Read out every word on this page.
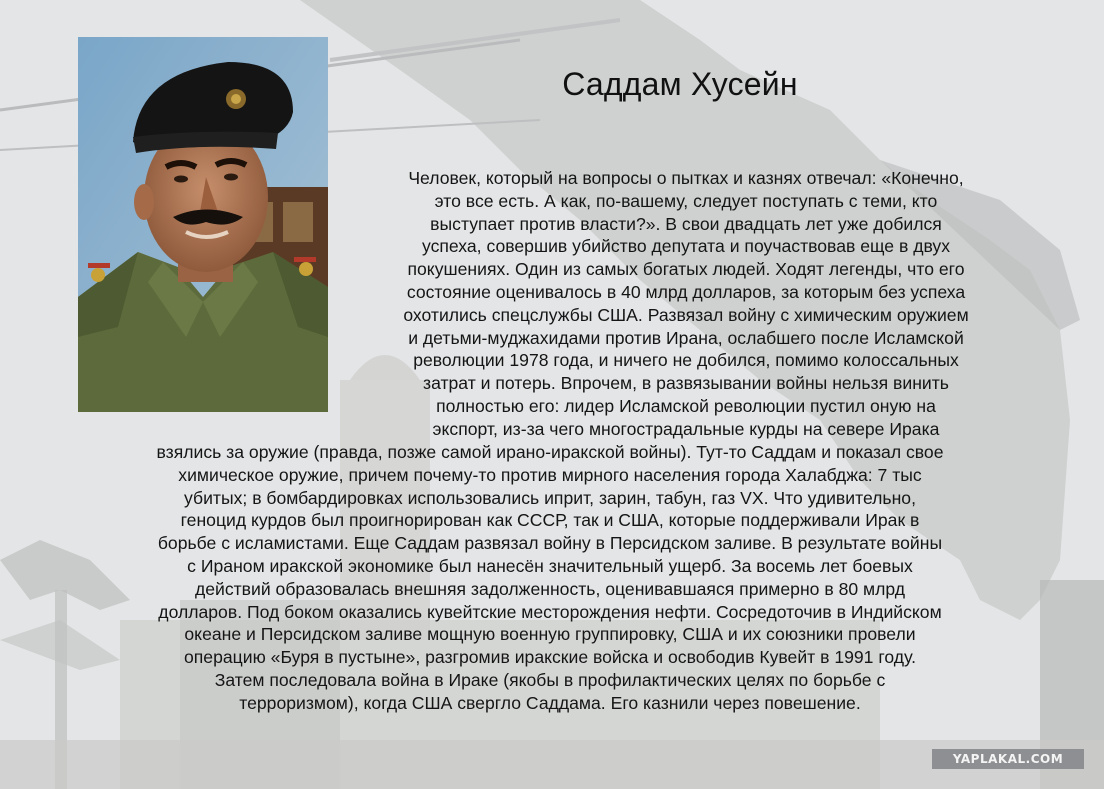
Саддам Хусейн

Человек, который на вопросы о пытках и казнях отвечал: «Конечно,
это все есть. А как, по-вашему, следует поступать с теми, кто
выступает против власти?». В свои двадцать лет уже добился
успеха, совершив убийство депутата и поучаствовав еще в двух
покушениях. Один из самых богатых людей. Ходят легенды, что его
состояние оценивалось в 40 млрд долларов, за которым без успеха
охотились спецслужбы США. Развязал войну с химическим оружием
и детьми-муджахидами против Ирана, ослабшего после Исламской
революции 1978 года, и ничего не добился, помимо колоссальных
затрат и потерь. Впрочем, в развязывании войны нельзя винить
полностью его: лидер Исламской революции пустил оную на
экспорт, из-за чего многострадальные курды на севере Ирака

взялись за оружие (правда, позже самой ирано-иракской войны). Тут-то Саддам и показал свое
химическое оружие, причем почему-то против мирного населения города Халабджа: 7 тыс
убитых; в бомбардировках использовались иприт, зарин, табун, газ VX. Что удивительно,
геноцид курдов был проигнорирован как СССР, так и США, которые поддерживали Ирак в
борьбе с исламистами. Еще Саддам развязал войну в Персидском заливе. В результате войны
с Ираном иракской экономике был нанесён значительный ущерб. За восемь лет боевых
действий образовалась внешняя задолженность, оценивавшаяся примерно в 80 млрд
долларов. Под боком оказались кувейтские месторождения нефти. Сосредоточив в Индийском
океане и Персидском заливе мощную военную группировку, США и их союзники провели
операцию «Буря в пустыне», разгромив иракские войска и освободив Кувейт в 1991 году.
Затем последовала война в Ираке (якобы в профилактических целях по борьбе с
терроризмом), когда США свергло Саддама. Его казнили через повешение.

YAPLAKAL.COM
